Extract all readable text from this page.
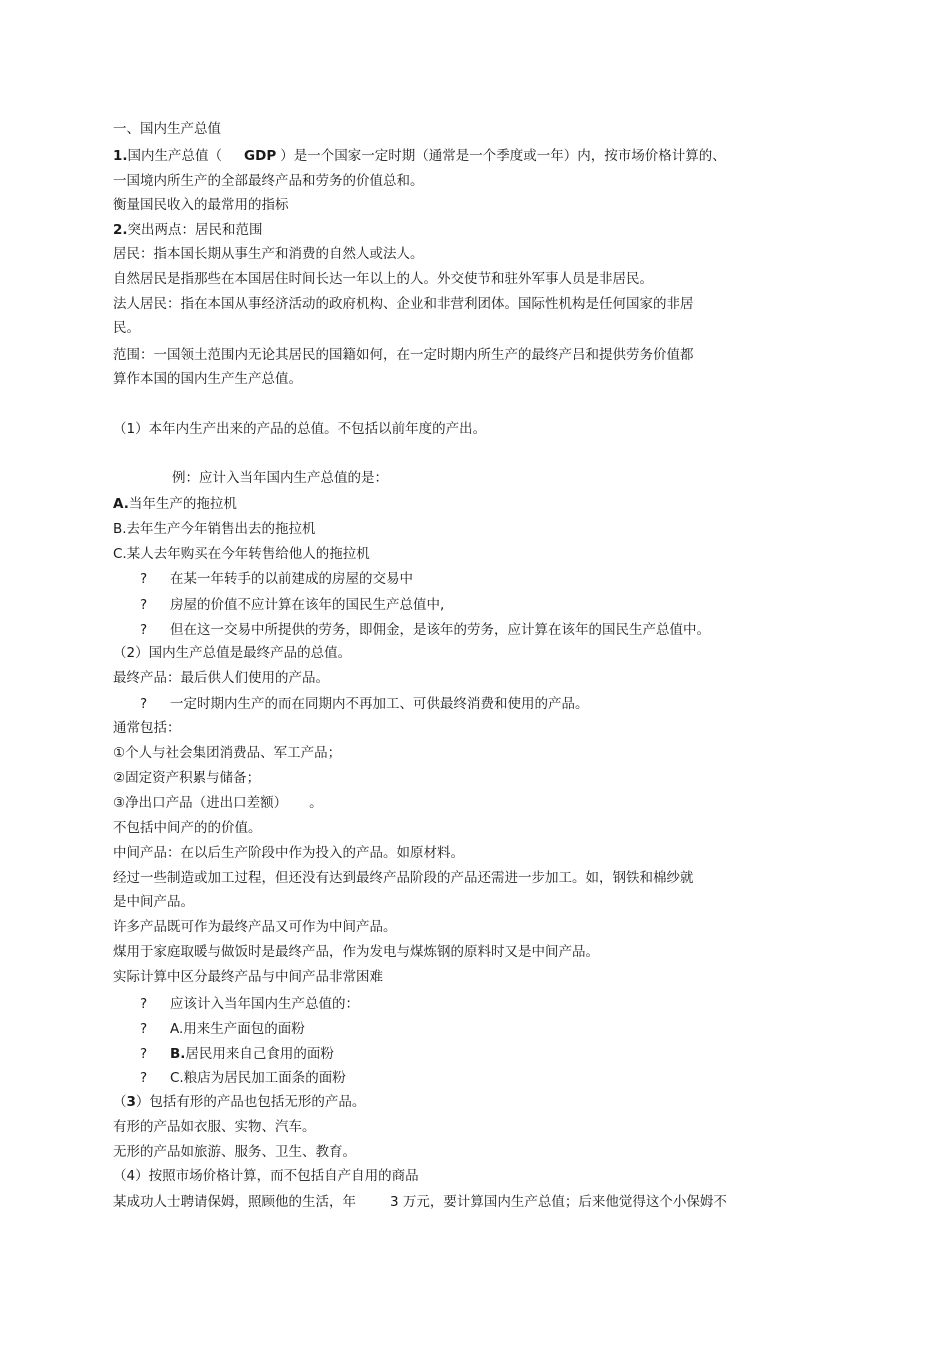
一、国内生产总值

1.国内生产总值（ GDP ）是一个国家一定时期（通常是一个季度或一年）内，按市场价格计算的、

一国境内所生产的全部最终产品和劳务的价值总和。

衡量国民收入的最常用的指标

2.突出两点：居民和范围

居民：指本国长期从事生产和消费的自然人或法人。

自然居民是指那些在本国居住时间长达一年以上的人。外交使节和驻外军事人员是非居民。

法人居民：指在本国从事经济活动的政府机构、企业和非营利团体。国际性机构是任何国家的非居

民。

范围：一国领土范围内无论其居民的国籍如何，在一定时期内所生产的最终产吕和提供劳务价值都

算作本国的国内生产生产总值。

（1）本年内生产出来的产品的总值。不包括以前年度的产出。

例：应计入当年国内生产总值的是：

A.当年生产的拖拉机

B.去年生产今年销售出去的拖拉机

C.某人去年购买在今年转售给他人的拖拉机

? 在某一年转手的以前建成的房屋的交易中

? 房屋的价值不应计算在该年的国民生产总值中,

? 但在这一交易中所提供的劳务，即佣金，是该年的劳务，应计算在该年的国民生产总值中。

（2）国内生产总值是最终产品的总值。

最终产品：最后供人们使用的产品。

? 一定时期内生产的而在同期内不再加工、可供最终消费和使用的产品。

通常包括：

①个人与社会集团消费品、军工产品；

②固定资产积累与储备；

③净出口产品（进出口差额） 。

不包括中间产的的价值。

中间产品：在以后生产阶段中作为投入的产品。如原材料。

经过一些制造或加工过程，但还没有达到最终产品阶段的产品还需进一步加工。如，钢铁和棉纱就

是中间产品。

许多产品既可作为最终产品又可作为中间产品。

煤用于家庭取暖与做饭时是最终产品，作为发电与煤炼钢的原料时又是中间产品。

实际计算中区分最终产品与中间产品非常困难

? 应该计入当年国内生产总值的：

? A.用来生产面包的面粉

? B.居民用来自己食用的面粉

? C.粮店为居民加工面条的面粉

（3）包括有形的产品也包括无形的产品。

有形的产品如衣服、实物、汽车。

无形的产品如旅游、服务、卫生、教育。

（4）按照市场价格计算，而不包括自产自用的商品

某成功人士聘请保姆，照顾他的生活，年	3 万元，要计算国内生产总值；后来他觉得这个小保姆不
